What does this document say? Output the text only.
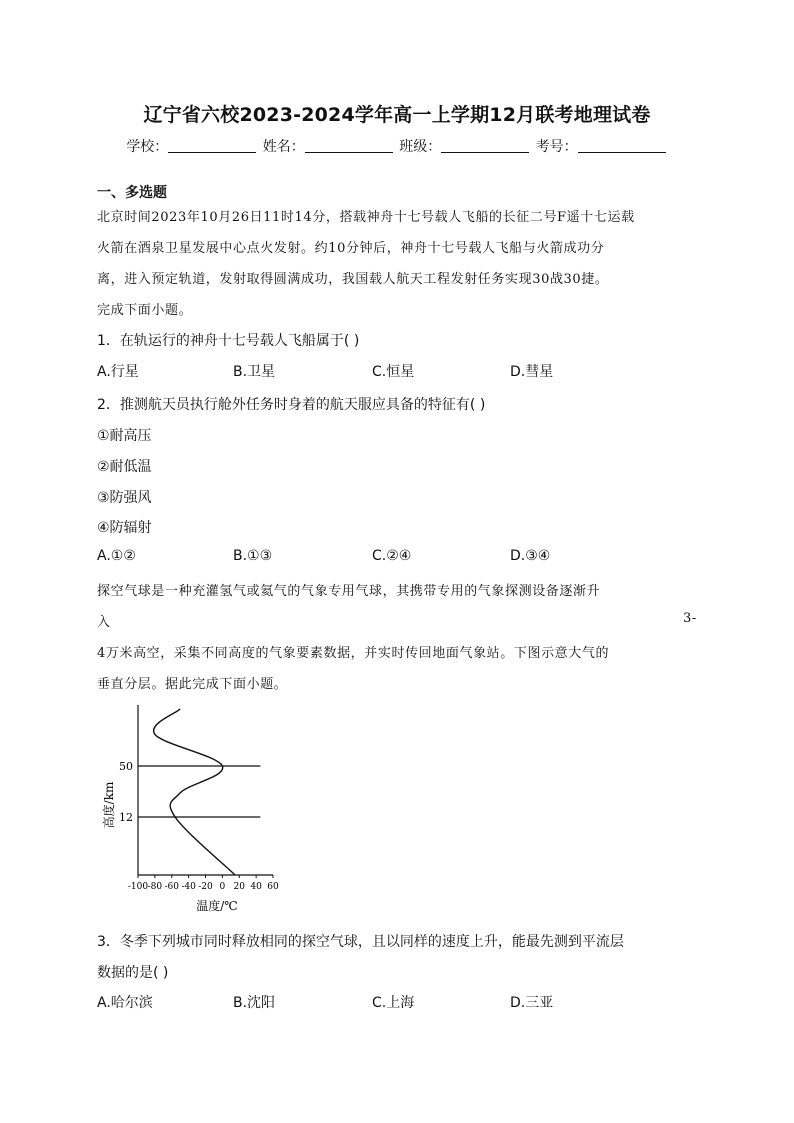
辽宁省六校2023-2024学年高一上学期12月联考地理试卷
学校：	姓名：	班级：	考号：
一、多选题
北京时间2023年10月26日11时14分，搭载神舟十七号载人飞船的长征二号F遥十七运载
火箭在酒泉卫星发展中心点火发射。约10分钟后，神舟十七号载人飞船与火箭成功分
离，进入预定轨道，发射取得圆满成功，我国载人航天工程发射任务实现30战30捷。
完成下面小题。
1．在轨运行的神舟十七号载人飞船属于( )
A.行星	B.卫星	C.恒星	D.彗星
2．推测航天员执行舱外任务时身着的航天服应具备的特征有( )
①耐高压
②耐低温
③防强风
④防辐射
A.①②	B.①③	C.②④	D.③④
探空气球是一种充灌氢气或氦气的气象专用气球，其携带专用的气象探测设备逐渐升
入	3-
4万米高空，采集不同高度的气象要素数据，并实时传回地面气象站。下图示意大气的
垂直分层。据此完成下面小题。
-100 -80 -60 -40 -20 0 20 40 60
12
50
高度/km
温度/℃
3．冬季下列城市同时释放相同的探空气球，且以同样的速度上升，能最先测到平流层
数据的是( )
A.哈尔滨	B.沈阳	C.上海	D.三亚
